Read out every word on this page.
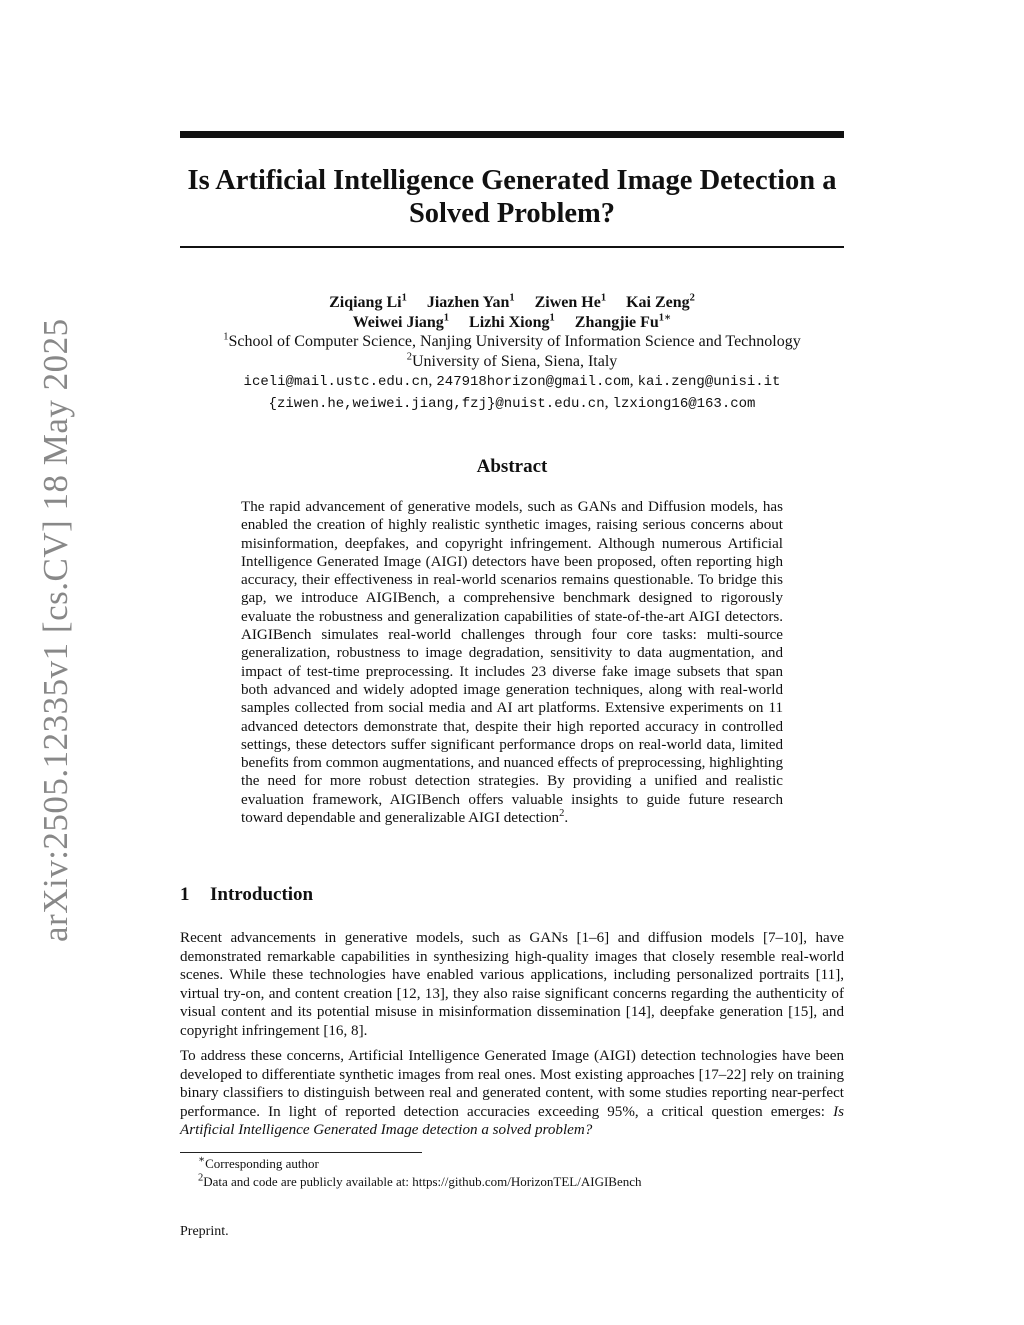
arXiv:2505.12335v1 [cs.CV] 18 May 2025
Is Artificial Intelligence Generated Image Detection a
Solved Problem?
Ziqiang Li$^1$ Jiazhen Yan$^1$ Ziwen He$^1$ Kai Zeng$^2$
Weiwei Jiang$^1$ Lizhi Xiong$^1$ Zhangjie $Fu^{1∗}$
$^1$School of Computer Science, Nanjing University of Information Science and Technology
$^2$University of Siena, Siena, Italy
iceli@mail.ustc.edu.cn, 247918horizon@gmail.com, kai.zeng@unisi.it
{ziwen.he,weiwei.jiang,fzj}@nuist.edu.cn, lzxiong16@163.com
Abstract

The rapid advancement of generative models, such as GANs and Diffusion models, has enabled the creation of highly realistic synthetic images, raising serious concerns about misinformation, deepfakes, and copyright infringement. Although numerous Artificial Intelligence Generated Image (AIGI) detectors have been proposed, often reporting high accuracy, their effectiveness in real-world scenarios remains questionable. To bridge this gap, we introduce AIGIBench, a comprehensive benchmark designed to rigorously evaluate the robustness and generalization capabilities of state-of-the-art AIGI detectors. AIGIBench simulates real-world challenges through four core tasks: multi-source generalization, robustness to image degradation, sensitivity to data augmentation, and impact of test-time preprocessing. It includes 23 diverse fake image subsets that span both advanced and widely adopted image generation techniques, along with real-world samples collected from social media and AI art platforms. Extensive experiments on 11 advanced detectors demonstrate that, despite their high reported accuracy in controlled settings, these detectors suffer significant performance drops on real-world data, limited benefits from common augmentations, and nuanced effects of preprocessing, highlighting the need for more robust detection strategies. By providing a unified and realistic evaluation framework, AIGIBench offers valuable insights to guide future research toward dependable and generalizable AIGI detection$^2$.

1 Introduction

Recent advancements in generative models, such as GANs [1–6] and diffusion models [7–10], have demonstrated remarkable capabilities in synthesizing high-quality images that closely resemble real-world scenes. While these technologies have enabled various applications, including personalized portraits [11], virtual try-on, and content creation [12, 13], they also raise significant concerns regarding the authenticity of visual content and its potential misuse in misinformation dissemination [14], deepfake generation [15], and copyright infringement [16, 8].

To address these concerns, Artificial Intelligence Generated Image (AIGI) detection technologies have been developed to differentiate synthetic images from real ones. Most existing approaches [17–22] rely on training binary classifiers to distinguish between real and generated content, with some studies reporting near-perfect performance. In light of reported detection accuracies exceeding 95%, a critical question emerges: Is Artificial Intelligence Generated Image detection a solved problem?

∗Corresponding author
$^2$Data and code are publicly available at: https://github.com/HorizonTEL/AIGIBench
Preprint.
